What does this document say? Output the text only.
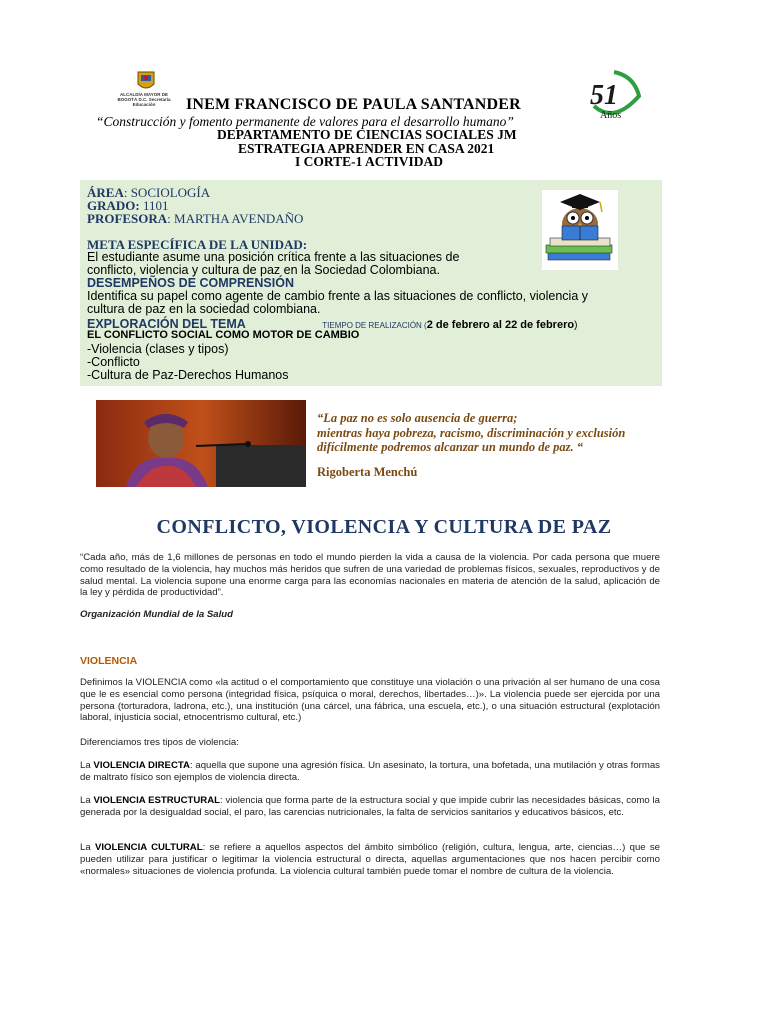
ALCALDÍA MAYOR DE BOGOTÁ D.C. Secretaría Educación	INEM FRANCISCO DE PAULA SANTANDER
“Construcción y fomento permanente de valores para el desarrollo humano”
DEPARTAMENTO DE CIENCIAS SOCIALES JM
ESTRATEGIA APRENDER EN CASA 2021
I CORTE-1 ACTIVIDAD
51
Años
ÁREA: SOCIOLOGÍA
GRADO: 1101
PROFESORA: MARTHA AVENDAÑO
META ESPECÍFICA DE LA UNIDAD:
El estudiante asume una posición crítica frente a las situaciones de
conflicto, violencia y cultura de paz en la Sociedad Colombiana.
DESEMPEÑOS DE COMPRENSIÓN
Identifica su papel como agente de cambio frente a las situaciones de conflicto, violencia y
cultura de paz en la sociedad colombiana.
EXPLORACIÓN DEL TEMA	TIEMPO DE REALIZACIÓN (2 de febrero al 22 de febrero)
EL CONFLICTO SOCIAL COMO MOTOR DE CAMBIO
-Violencia (clases y tipos)
-Conflicto
-Cultura de Paz-Derechos Humanos
“La paz no es solo ausencia de guerra;
mientras haya pobreza, racismo, discriminación y exclusión
difícilmente podremos alcanzar un mundo de paz. “
Rigoberta Menchú
CONFLICTO, VIOLENCIA Y CULTURA DE PAZ
“Cada año, más de 1,6 millones de personas en todo el mundo pierden la vida a causa de la violencia. Por cada persona que muere como resultado de la violencia, hay muchos más heridos que sufren de una variedad de problemas físicos, sexuales, reproductivos y de salud mental. La violencia supone una enorme carga para las economías nacionales en materia de atención de la salud, aplicación de la ley y pérdida de productividad”.
Organización Mundial de la Salud
VIOLENCIA
Definimos la VIOLENCIA como «la actitud o el comportamiento que constituye una violación o una privación al ser humano de una cosa que le es esencial como persona (integridad física, psíquica o moral, derechos, libertades…)». La violencia puede ser ejercida por una persona (torturadora, ladrona, etc.), una institución (una cárcel, una fábrica, una escuela, etc.), o una situación estructural (explotación laboral, injusticia social, etnocentrismo cultural, etc.)
Diferenciamos tres tipos de violencia:
La VIOLENCIA DIRECTA: aquella que supone una agresión física. Un asesinato, la tortura, una bofetada, una mutilación y otras formas de maltrato físico son ejemplos de violencia directa.
La VIOLENCIA ESTRUCTURAL: violencia que forma parte de la estructura social y que impide cubrir las necesidades básicas, como la generada por la desigualdad social, el paro, las carencias nutricionales, la falta de servicios sanitarios y educativos básicos, etc.
La VIOLENCIA CULTURAL: se refiere a aquellos aspectos del ámbito simbólico (religión, cultura, lengua, arte, ciencias…) que se pueden utilizar para justificar o legitimar la violencia estructural o directa, aquellas argumentaciones que nos hacen percibir como «normales» situaciones de violencia profunda. La violencia cultural también puede tomar el nombre de cultura de la violencia.
